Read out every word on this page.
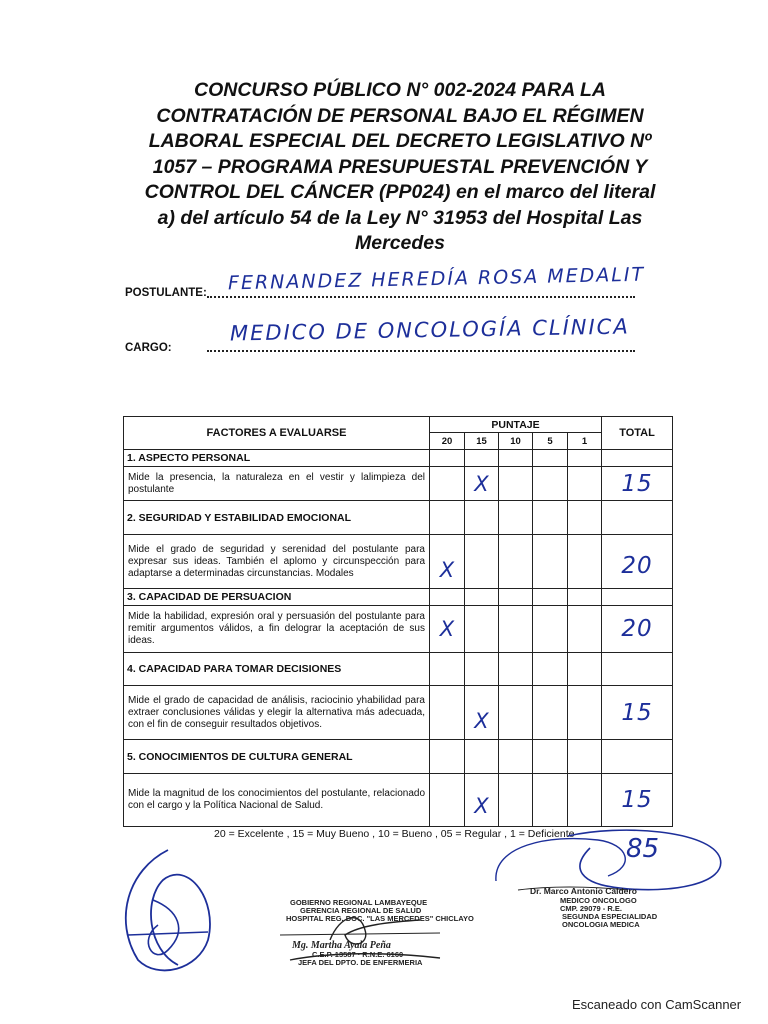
CONCURSO PÚBLICO N° 002-2024 PARA LA
CONTRATACIÓN DE PERSONAL BAJO EL RÉGIMEN
LABORAL ESPECIAL DEL DECRETO LEGISLATIVO Nº
1057 – PROGRAMA PRESUPUESTAL PREVENCIÓN Y
CONTROL DEL CÁNCER (PP024) en el marco del literal
a) del artículo 54 de la Ley N° 31953 del Hospital Las
Mercedes
POSTULANTE: FERNANDEZ HEREDÍA ROSA MEDALIT
CARGO:
MEDICO DE ONCOLOGÍA CLÍNICA
FACTORES A EVALUARSE	PUNTAJE					TOTAL
	20	15	10	5	1	
1. ASPECTO PERSONAL						
Mide la presencia, la naturaleza en el vestir y lalimpieza del postulante		X				15
2. SEGURIDAD Y ESTABILIDAD EMOCIONAL						
Mide el grado de seguridad y serenidad del postulante para expresar sus ideas. También el aplomo y circunspección para adaptarse a determinadas circunstancias. Modales	X					20
3. CAPACIDAD DE PERSUACION						
Mide la habilidad, expresión oral y persuasión del postulante para remitir argumentos válidos, a fin delograr la aceptación de sus ideas.	X					20
4. CAPACIDAD PARA TOMAR DECISIONES						
Mide el grado de capacidad de análisis, raciocinio yhabilidad para extraer conclusiones válidas y elegir la alternativa más adecuada, con el fin de conseguir resultados objetivos.		X				15
5. CONOCIMIENTOS DE CULTURA GENERAL						
Mide la magnitud de los conocimientos del postulante, relacionado con el cargo y la Política Nacional de Salud.		X				15
20 = Excelente , 15 = Muy Bueno , 10 = Bueno , 05 = Regular , 1 = Deficiente 85
GOBIERNO REGIONAL LAMBAYEQUE
GERENCIA REGIONAL DE SALUD
HOSPITAL REG. DOC. "LAS MERCEDES" CHICLAYO
Mg. Martha Ayala Peña
C.E.P. 13587 · R.N.E. 6160
JEFA DEL DPTO. DE ENFERMERIA
Dr. Marco Antonio Caldero
MEDICO ONCOLOGO
CMP. 29079 - R.E.
SEGUNDA ESPECIALIDAD
ONCOLOGIA MEDICA
Escaneado con CamScanner
